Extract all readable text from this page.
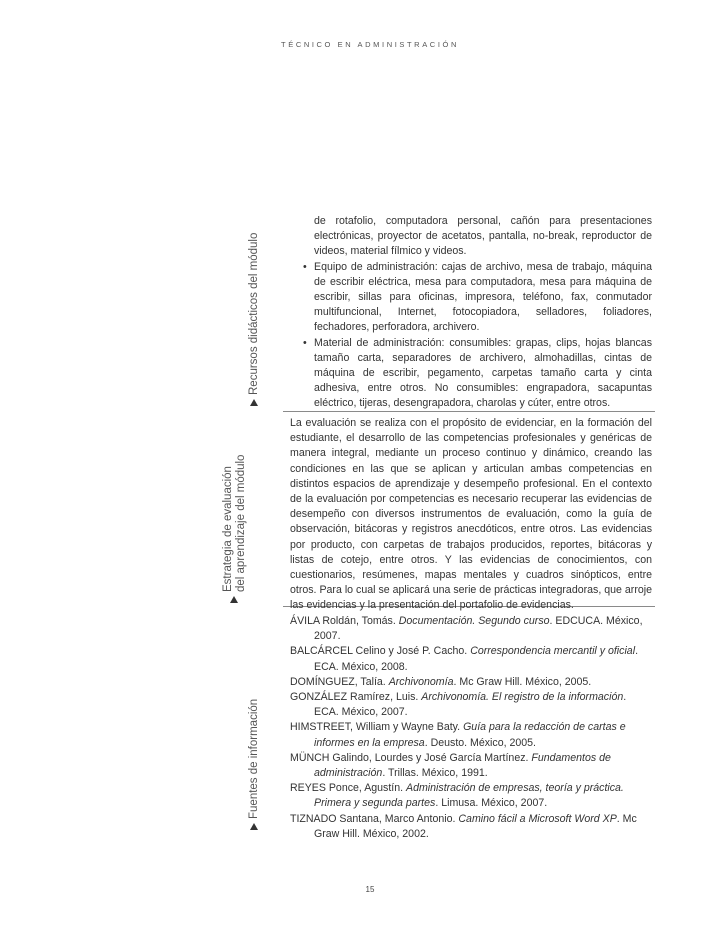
TÉCNICO EN ADMINISTRACIÓN
Recursos didácticos del módulo
Estrategia de evaluación del aprendizaje del módulo
Fuentes de información
de rotafolio, computadora personal, cañón para presentaciones electrónicas, proyector de acetatos, pantalla, no-break, reproductor de videos, material fílmico y videos.
• Equipo de administración: cajas de archivo, mesa de trabajo, máquina de escribir eléctrica, mesa para computadora, mesa para máquina de escribir, sillas para oficinas, impresora, teléfono, fax, conmutador multifuncional, Internet, fotocopiadora, selladores, foliadores, fechadores, perforadora, archivero.
• Material de administración: consumibles: grapas, clips, hojas blancas tamaño carta, separadores de archivero, almohadillas, cintas de máquina de escribir, pegamento, carpetas tamaño carta y cinta adhesiva, entre otros. No consumibles: engrapadora, sacapuntas eléctrico, tijeras, desengrapadora, charolas y cúter, entre otros.
La evaluación se realiza con el propósito de evidenciar, en la formación del estudiante, el desarrollo de las competencias profesionales y genéricas de manera integral, mediante un proceso continuo y dinámico, creando las condiciones en las que se aplican y articulan ambas competencias en distintos espacios de aprendizaje y desempeño profesional. En el contexto de la evaluación por competencias es necesario recuperar las evidencias de desempeño con diversos instrumentos de evaluación, como la guía de observación, bitácoras y registros anecdóticos, entre otros. Las evidencias por producto, con carpetas de trabajos producidos, reportes, bitácoras y listas de cotejo, entre otros. Y las evidencias de conocimientos, con cuestionarios, resúmenes, mapas mentales y cuadros sinópticos, entre otros. Para lo cual se aplicará una serie de prácticas integradoras, que arroje las evidencias y la presentación del portafolio de evidencias.

ÁVILA Roldán, Tomás. Documentación. Segundo curso. EDCUCA. México, 2007.

BALCÁRCEL Celino y José P. Cacho. Correspondencia mercantil y oficial. ECA. México, 2008.

DOMÍNGUEZ, Talía. Archivonomía. Mc Graw Hill. México, 2005.

GONZÁLEZ Ramírez, Luis. Archivonomía. El registro de la información. ECA. México, 2007.

HIMSTREET, William y Wayne Baty. Guía para la redacción de cartas e informes en la empresa. Deusto. México, 2005.

MÜNCH Galindo, Lourdes y José García Martínez. Fundamentos de administración. Trillas. México, 1991.

REYES Ponce, Agustín. Administración de empresas, teoría y práctica. Primera y segunda partes. Limusa. México, 2007.

TIZNADO Santana, Marco Antonio. Camino fácil a Microsoft Word XP. Mc Graw Hill. México, 2002.

15
